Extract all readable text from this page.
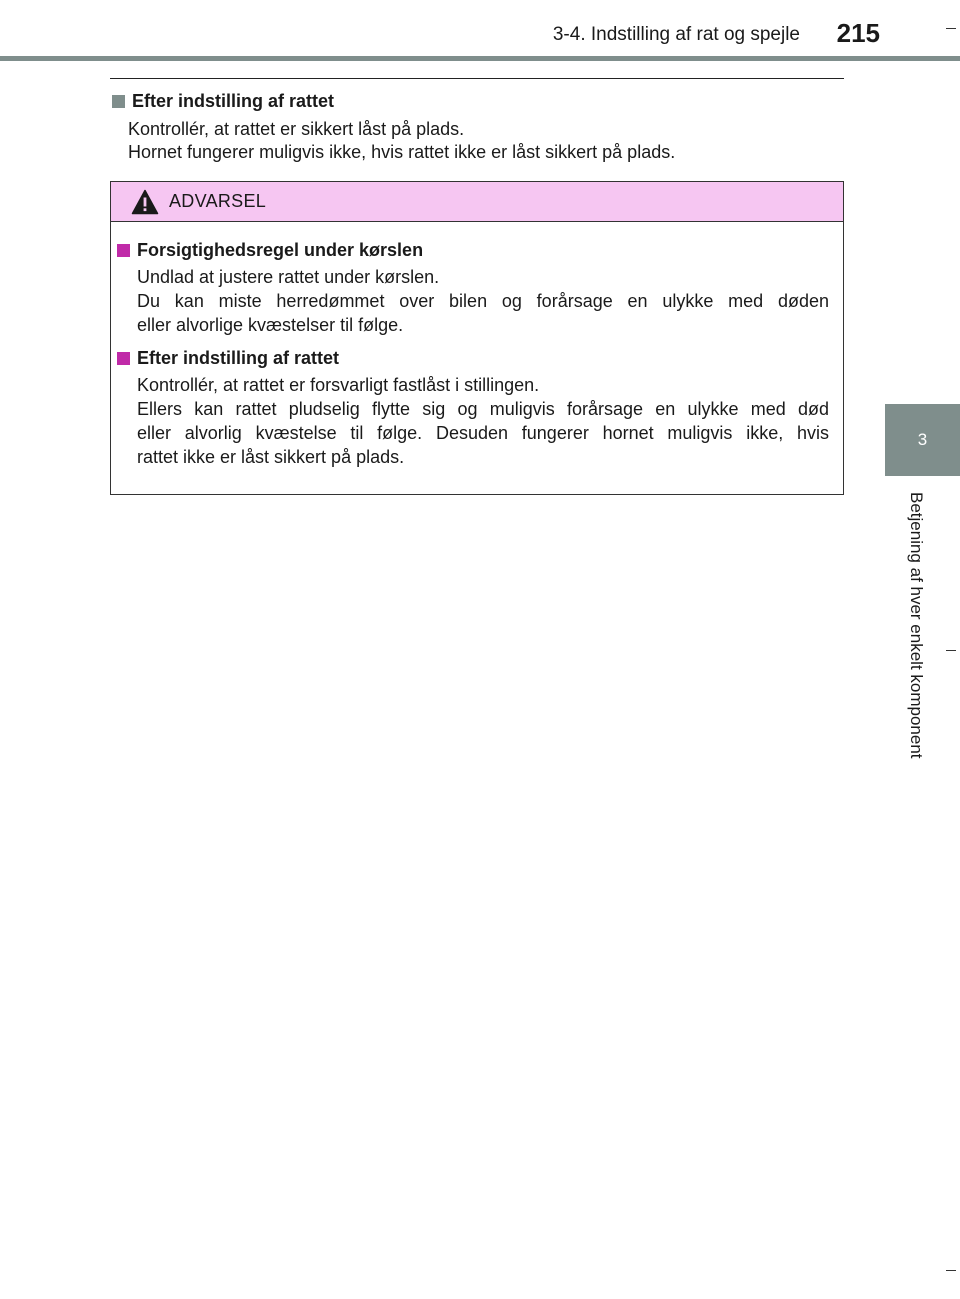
3-4. Indstilling af rat og spejle	215
3
Betjening af hver enkelt komponent
Efter indstilling af rattet
Kontrollér, at rattet er sikkert låst på plads.
Hornet fungerer muligvis ikke, hvis rattet ikke er låst sikkert på plads.
ADVARSEL
Forsigtighedsregel under kørslen
Undlad at justere rattet under kørslen.
Du kan miste herredømmet over bilen og forårsage en ulykke med døden
eller alvorlige kvæstelser til følge.
Efter indstilling af rattet
Kontrollér, at rattet er forsvarligt fastlåst i stillingen.
Ellers kan rattet pludselig flytte sig og muligvis forårsage en ulykke med død
eller alvorlig kvæstelse til følge. Desuden fungerer hornet muligvis ikke, hvis
rattet ikke er låst sikkert på plads.
